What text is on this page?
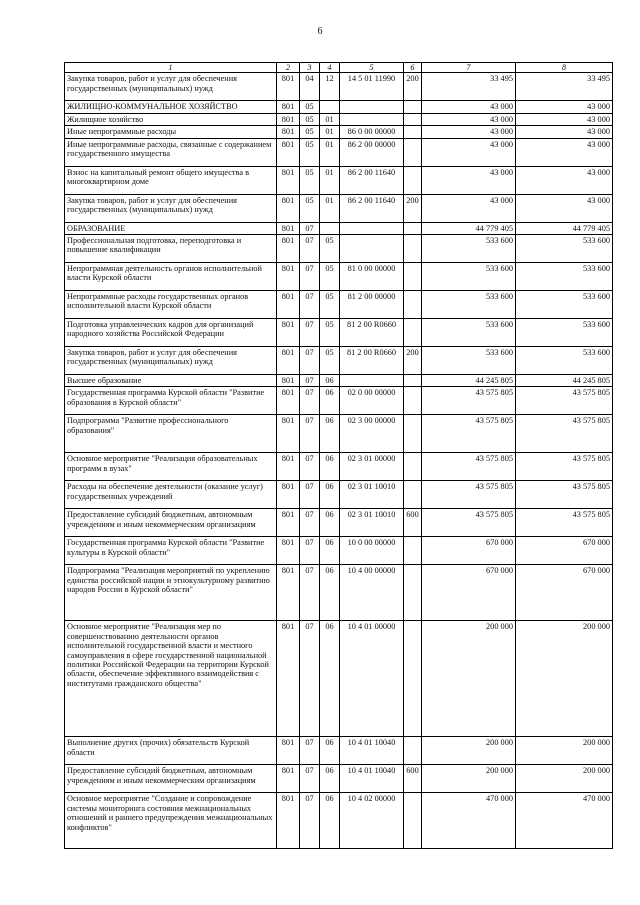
6
1	2	3	4	5	6	7	8
Закупка товаров, работ и услуг для обеспечения государственных (муниципальных) нужд	801	04	12	14 5 01 11990	200	33 495	33 495
ЖИЛИЩНО-КОММУНАЛЬНОЕ ХОЗЯЙСТВО	801	05				43 000	43 000
Жилищное хозяйство	801	05	01			43 000	43 000
Иные непрограммные расходы	801	05	01	86 0 00 00000		43 000	43 000
Иные непрограммные расходы, связанные с содержанием государственного имущества	801	05	01	86 2 00 00000		43 000	43 000
Взнос на капитальный ремонт общего имущества в многоквартирном доме	801	05	01	86 2 00 11640		43 000	43 000
Закупка товаров, работ и услуг для обеспечения государственных (муниципальных) нужд	801	05	01	86 2 00 11640	200	43 000	43 000
ОБРАЗОВАНИЕ	801	07				44 779 405	44 779 405
Профессиональная подготовка, переподготовка и повышение квалификации	801	07	05			533 600	533 600
Непрограммная деятельность органов исполнительной власти Курской области	801	07	05	81 0 00 00000		533 600	533 600
Непрограммные расходы государственных органов исполнительной власти Курской области	801	07	05	81 2 00 00000		533 600	533 600
Подготовка управленческих кадров для организаций народного хозяйства Российской Федерации	801	07	05	81 2 00 R0660		533 600	533 600
Закупка товаров, работ и услуг для обеспечения государственных (муниципальных) нужд	801	07	05	81 2 00 R0660	200	533 600	533 600
Высшее образование	801	07	06			44 245 805	44 245 805
Государственная программа Курской области "Развитие образования в Курской области"	801	07	06	02 0 00 00000		43 575 805	43 575 805
Подпрограмма "Развитие профессионального образования"	801	07	06	02 3 00 00000		43 575 805	43 575 805
Основное мероприятие "Реализация образовательных программ в вузах"	801	07	06	02 3 01 00000		43 575 805	43 575 805
Расходы на обеспечение деятельности (оказание услуг) государственных учреждений	801	07	06	02 3 01 10010		43 575 805	43 575 805
Предоставление субсидий бюджетным, автономным учреждениям и иным некоммерческим организациям	801	07	06	02 3 01 10010	600	43 575 805	43 575 805
Государственная программа Курской области "Развитие культуры в Курской области"	801	07	06	10 0 00 00000		670 000	670 000
Подпрограмма "Реализация мероприятий по укреплению единства российской нации и этнокультурному развитию народов России в Курской области"	801	07	06	10 4 00 00000		670 000	670 000
Основное мероприятие "Реализация мер по совершенствованию деятельности органов исполнительной государственной власти и местного самоуправления в сфере государственной национальной политики Российской Федерации на территории Курской области, обеспечение эффективного взаимодействия с институтами гражданского общества"	801	07	06	10 4 01 00000		200 000	200 000
Выполнение других (прочих) обязательств Курской области	801	07	06	10 4 01 10040		200 000	200 000
Предоставление субсидий бюджетным, автономным учреждениям и иным некоммерческим организациям	801	07	06	10 4 01 10040	600	200 000	200 000
Основное мероприятие "Создание и сопровождение системы мониторинга состояния межнациональных отношений и раннего предупреждения межнациональных конфликтов"	801	07	06	10 4 02 00000		470 000	470 000
